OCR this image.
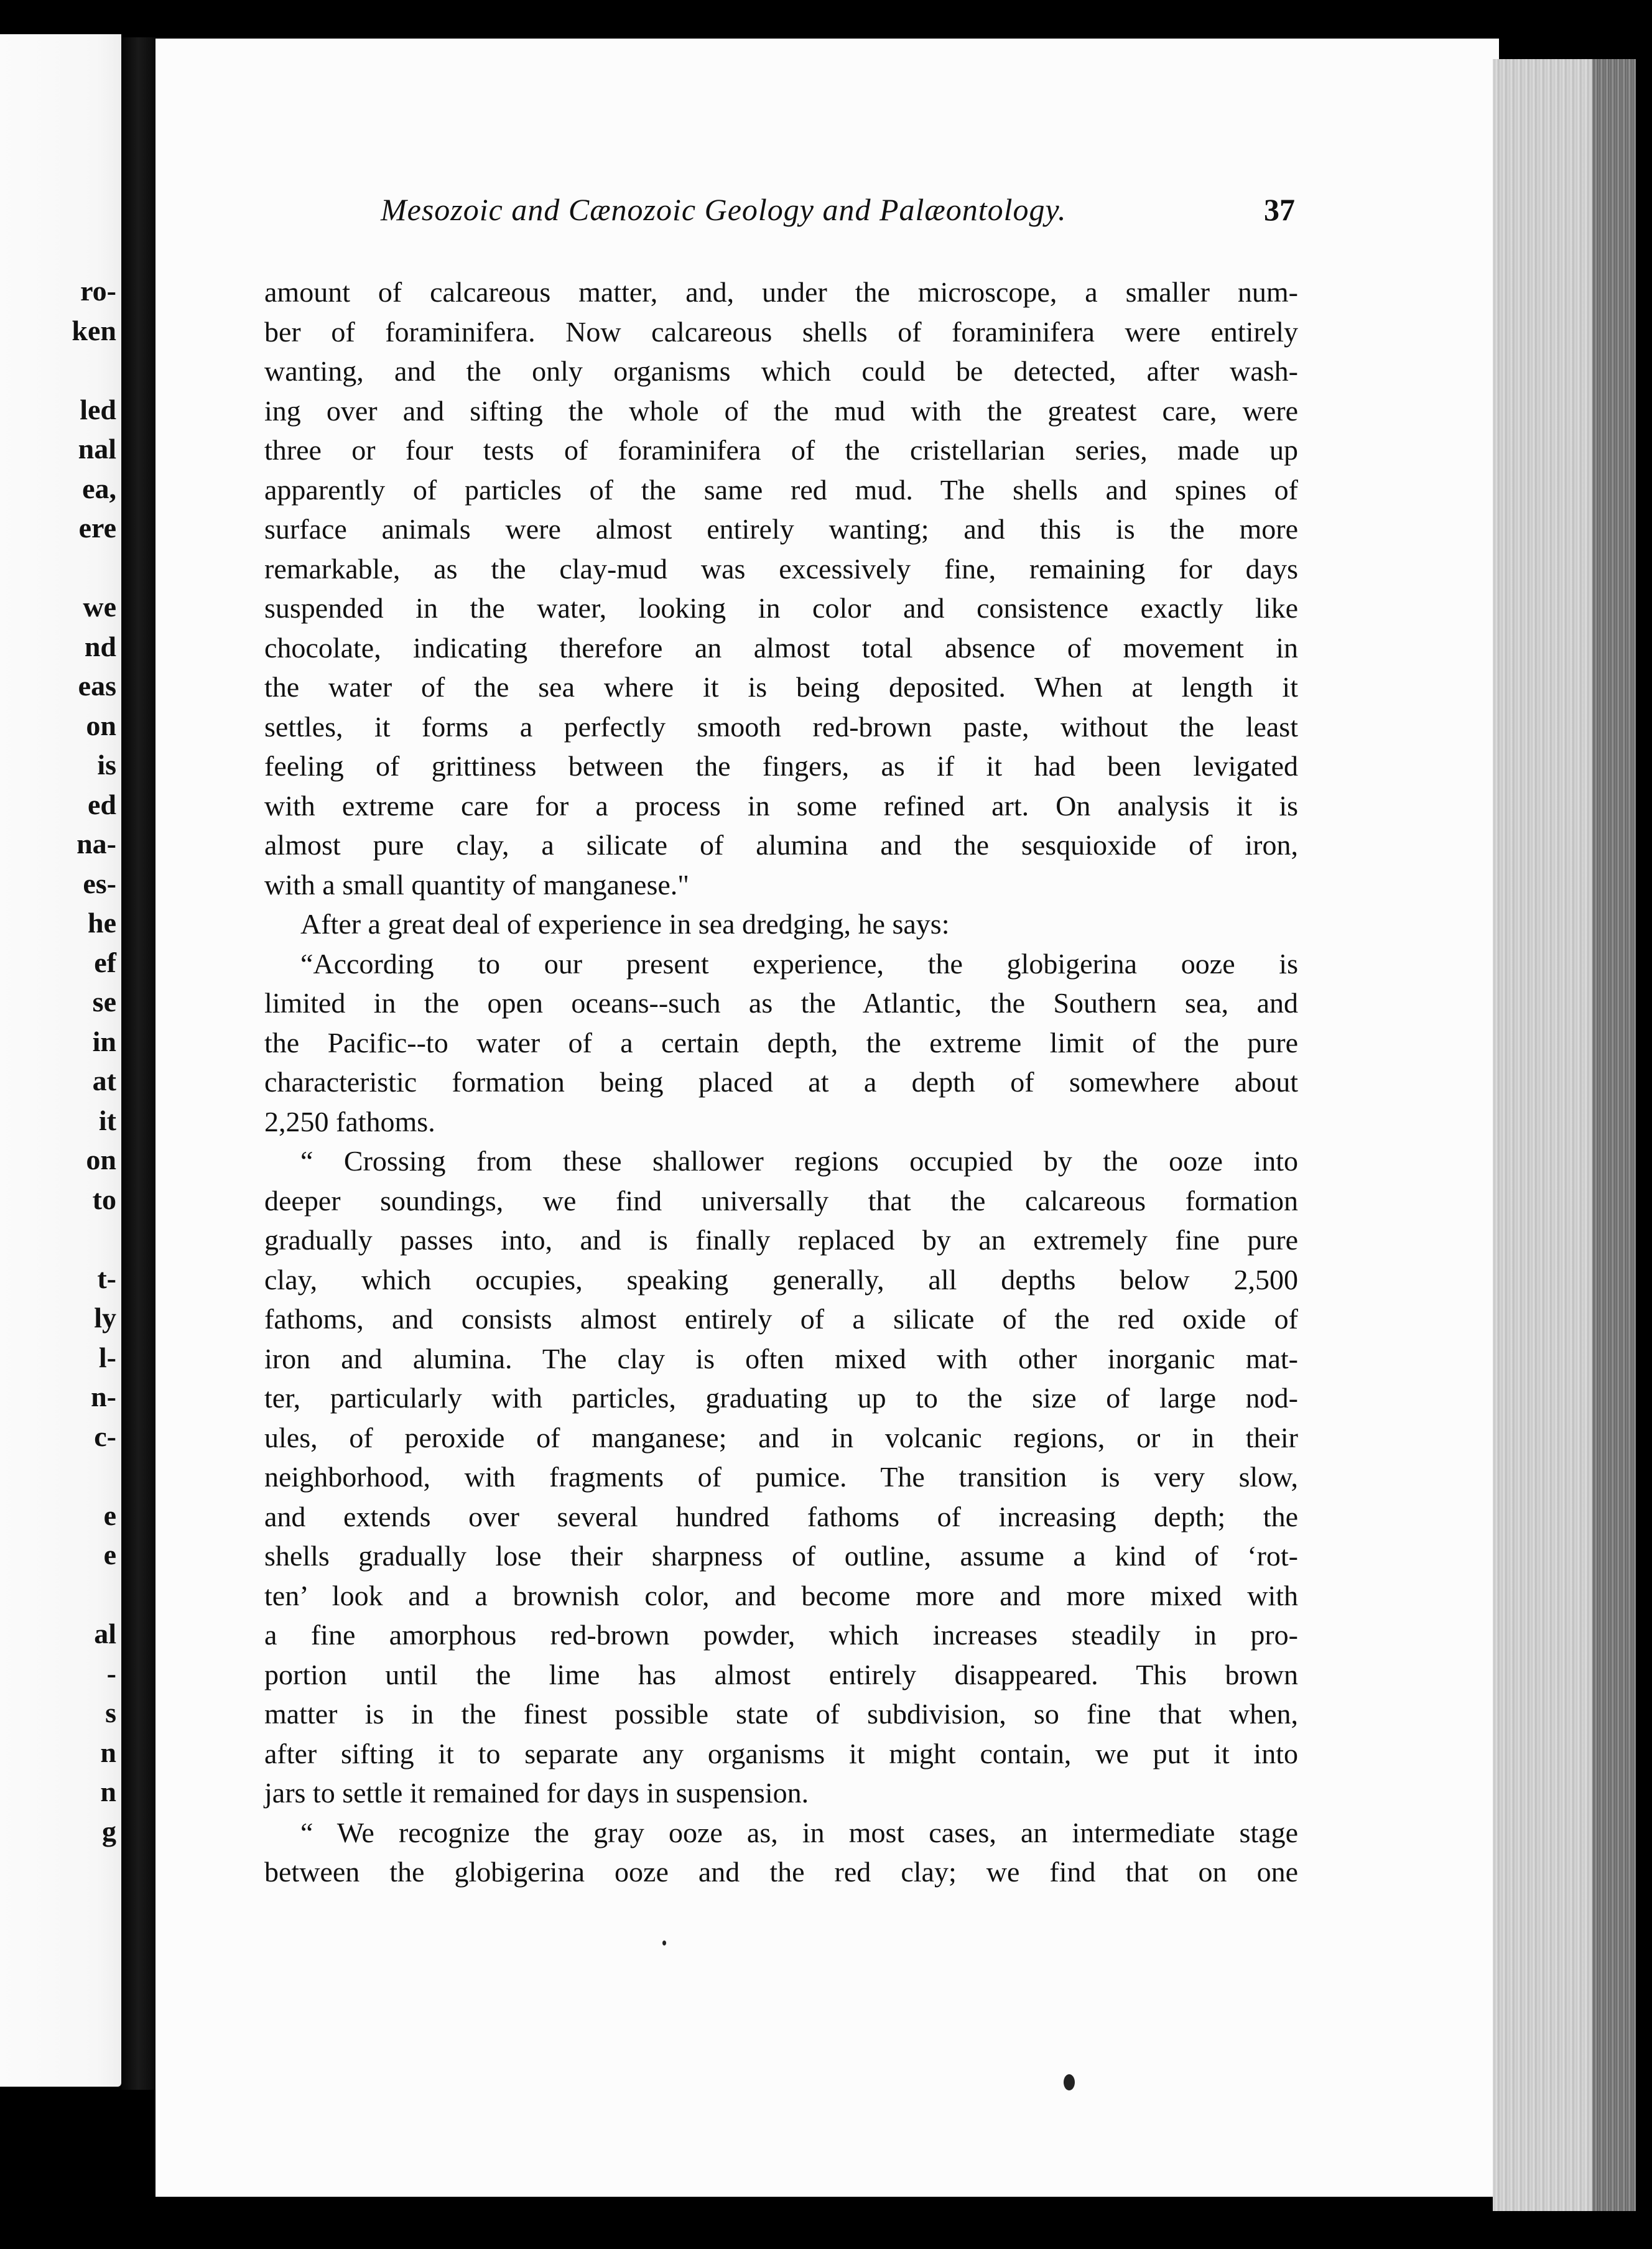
ro-
ken
led
nal
ea,
ere
we
nd
eas
on
is
ed
na-
es-
he
ef
se
in
at
it
on
to
t-
ly
l-
n-
c-
e
e
al
-
s
n
n
g
Mesozoic and Cænozoic Geology and Palæontology.	37
amount of calcareous matter, and, under the microscope, a smaller num-
ber of foraminifera. Now calcareous shells of foraminifera were entirely
wanting, and the only organisms which could be detected, after wash-
ing over and sifting the whole of the mud with the greatest care, were
three or four tests of foraminifera of the cristellarian series, made up
apparently of particles of the same red mud. The shells and spines of
surface animals were almost entirely wanting; and this is the more
remarkable, as the clay-mud was excessively fine, remaining for days
suspended in the water, looking in color and consistence exactly like
chocolate, indicating therefore an almost total absence of movement in
the water of the sea where it is being deposited. When at length it
settles, it forms a perfectly smooth red-brown paste, without the least
feeling of grittiness between the fingers, as if it had been levigated
with extreme care for a process in some refined art. On analysis it is
almost pure clay, a silicate of alumina and the sesquioxide of iron,
with a small quantity of manganese."
After a great deal of experience in sea dredging, he says:
“According to our present experience, the globigerina ooze is
limited in the open oceans--such as the Atlantic, the Southern sea, and
the Pacific--to water of a certain depth, the extreme limit of the pure
characteristic formation being placed at a depth of somewhere about
2,250 fathoms.
“ Crossing from these shallower regions occupied by the ooze into
deeper soundings, we find universally that the calcareous formation
gradually passes into, and is finally replaced by an extremely fine pure
clay, which occupies, speaking generally, all depths below 2,500
fathoms, and consists almost entirely of a silicate of the red oxide of
iron and alumina. The clay is often mixed with other inorganic mat-
ter, particularly with particles, graduating up to the size of large nod-
ules, of peroxide of manganese; and in volcanic regions, or in their
neighborhood, with fragments of pumice. The transition is very slow,
and extends over several hundred fathoms of increasing depth; the
shells gradually lose their sharpness of outline, assume a kind of ‘rot-
ten’ look and a brownish color, and become more and more mixed with
a fine amorphous red-brown powder, which increases steadily in pro-
portion until the lime has almost entirely disappeared. This brown
matter is in the finest possible state of subdivision, so fine that when,
after sifting it to separate any organisms it might contain, we put it into
jars to settle it remained for days in suspension.
“ We recognize the gray ooze as, in most cases, an intermediate stage
between the globigerina ooze and the red clay; we find that on one
